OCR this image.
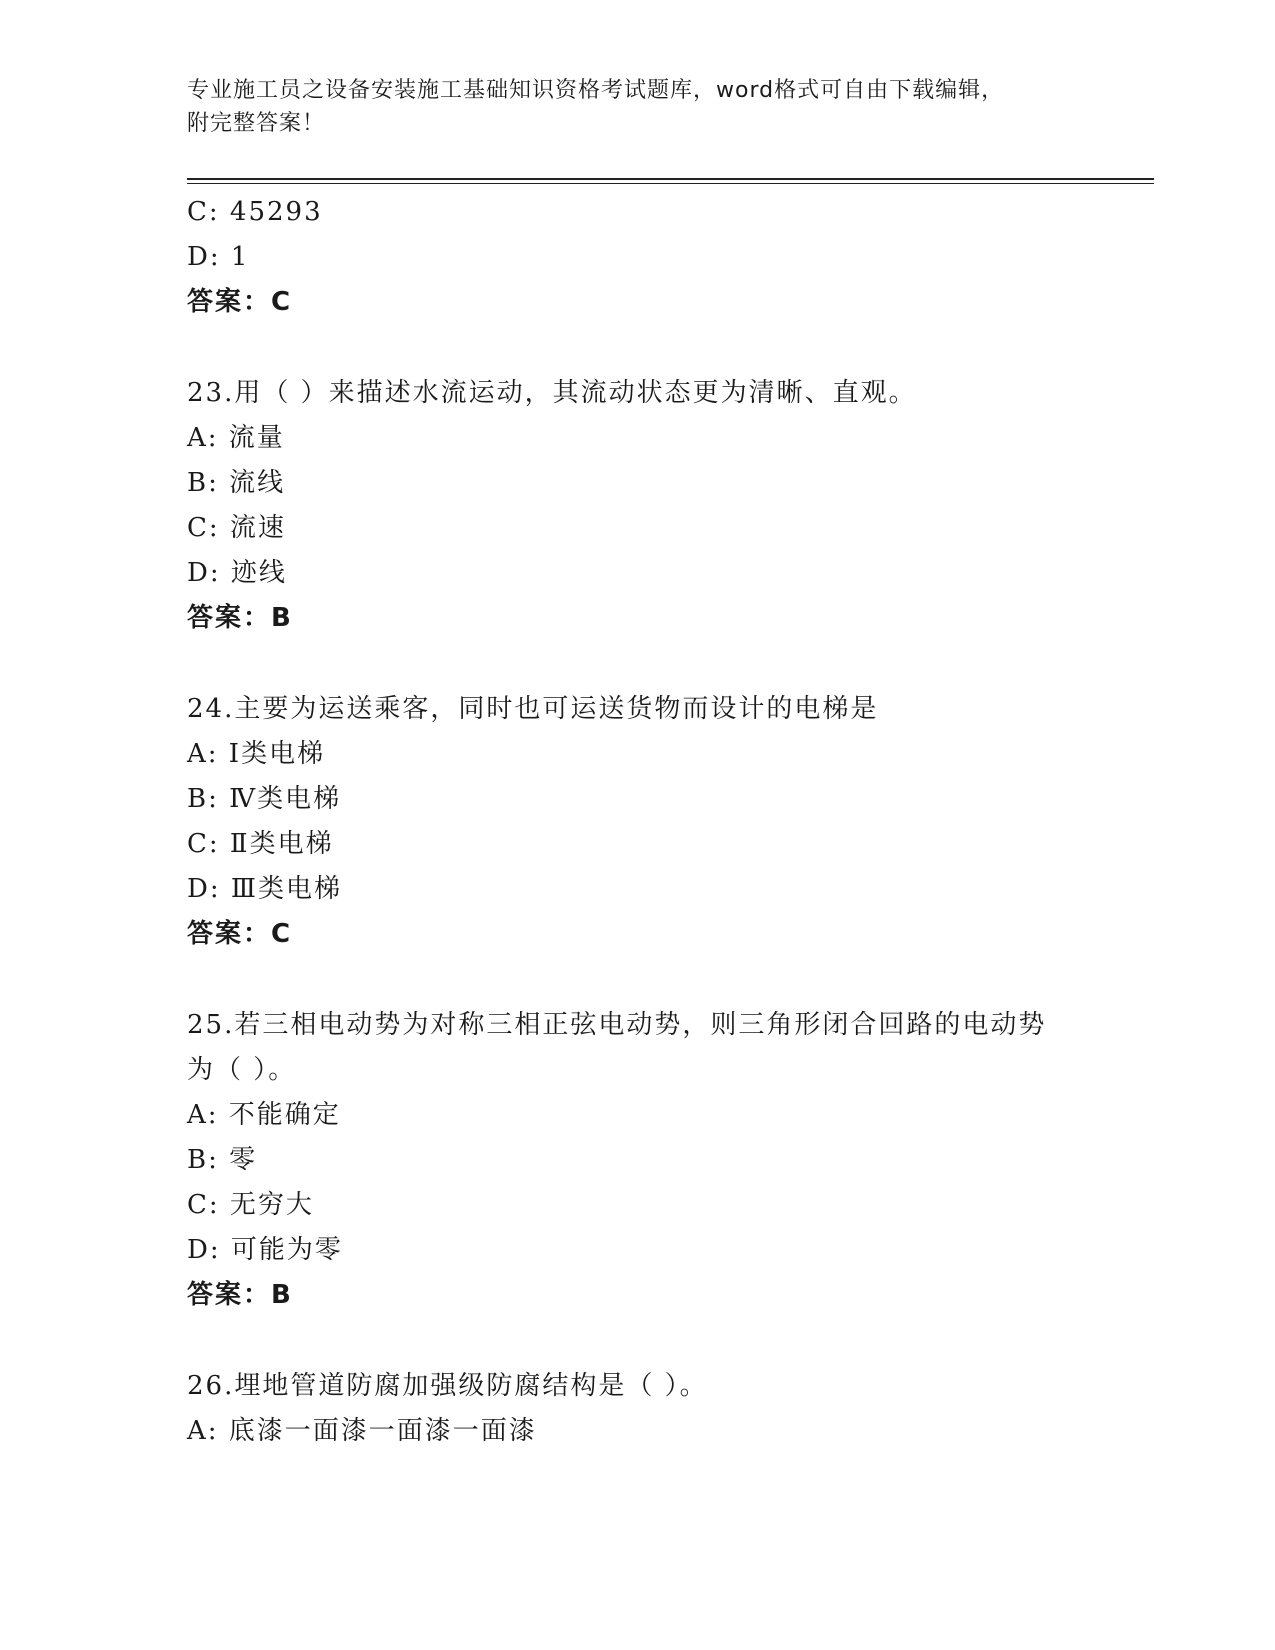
专业施工员之设备安装施工基础知识资格考试题库，word格式可自由下载编辑，
附完整答案！
C: 45293
D: 1
答案：C
23.用（ ）来描述水流运动，其流动状态更为清晰、直观。
A: 流量
B: 流线
C: 流速
D: 迹线
答案：B
24.主要为运送乘客，同时也可运送货物而设计的电梯是
A: Ⅰ类电梯
B: Ⅳ类电梯
C: Ⅱ类电梯
D: Ⅲ类电梯
答案：C
25.若三相电动势为对称三相正弦电动势，则三角形闭合回路的电动势
为（ ）。
A: 不能确定
B: 零
C: 无穷大
D: 可能为零
答案：B
26.埋地管道防腐加强级防腐结构是（ ）。
A: 底漆一面漆一面漆一面漆
